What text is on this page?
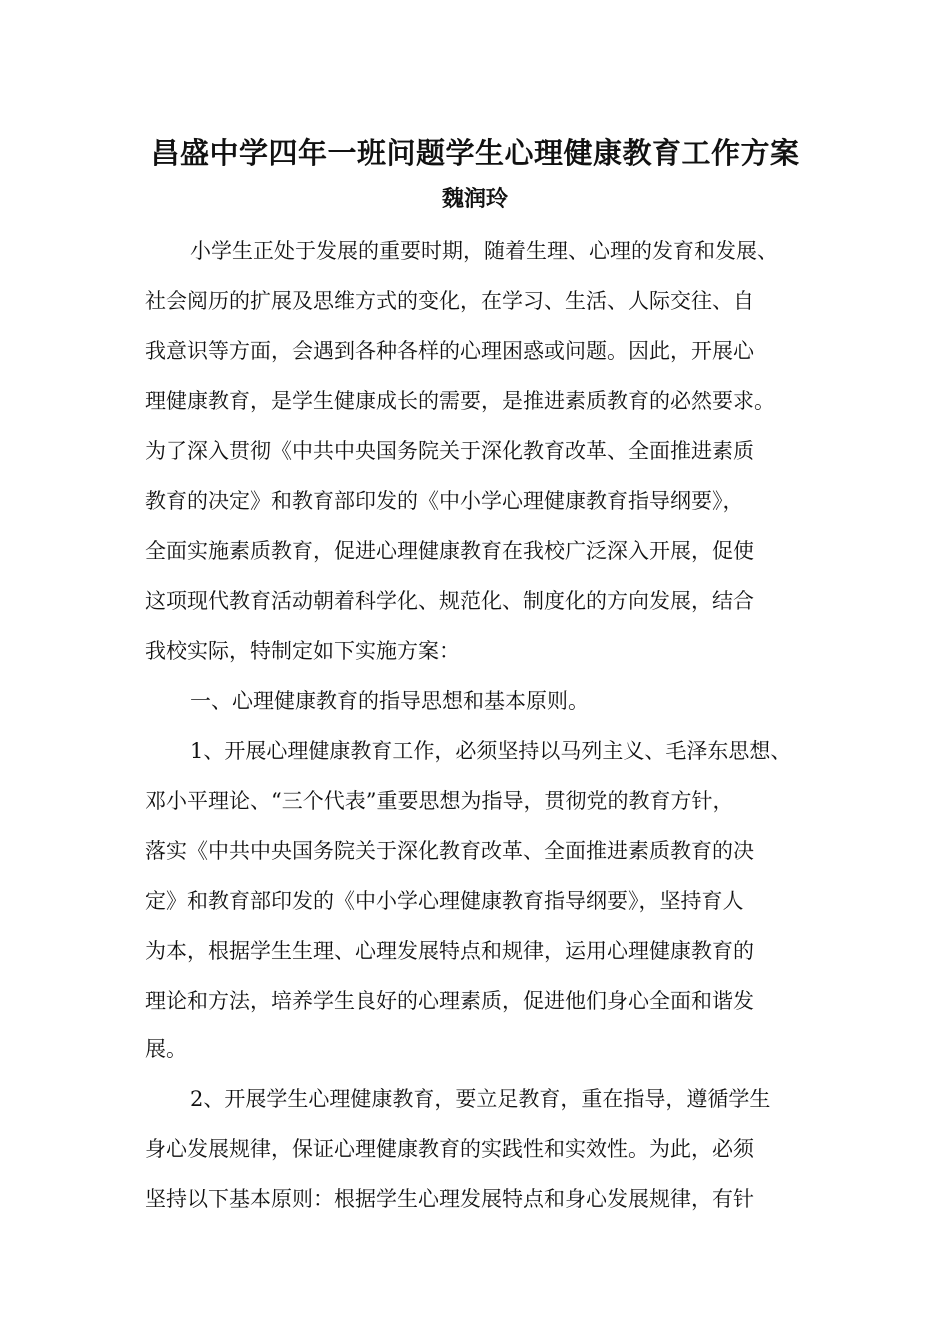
昌盛中学四年一班问题学生心理健康教育工作方案
魏润玲
小学生正处于发展的重要时期，随着生理、心理的发育和发展、
社会阅历的扩展及思维方式的变化，在学习、生活、人际交往、自
我意识等方面，会遇到各种各样的心理困惑或问题。因此，开展心
理健康教育，是学生健康成长的需要，是推进素质教育的必然要求。
为了深入贯彻《中共中央国务院关于深化教育改革、全面推进素质
教育的决定》和教育部印发的《中小学心理健康教育指导纲要》，
全面实施素质教育，促进心理健康教育在我校广泛深入开展，促使
这项现代教育活动朝着科学化、规范化、制度化的方向发展，结合
我校实际，特制定如下实施方案：
一、心理健康教育的指导思想和基本原则。
1、开展心理健康教育工作，必须坚持以马列主义、毛泽东思想、
邓小平理论、“三个代表”重要思想为指导，贯彻党的教育方针，
落实《中共中央国务院关于深化教育改革、全面推进素质教育的决
定》和教育部印发的《中小学心理健康教育指导纲要》，坚持育人
为本，根据学生生理、心理发展特点和规律，运用心理健康教育的
理论和方法，培养学生良好的心理素质，促进他们身心全面和谐发
展。
2、开展学生心理健康教育，要立足教育，重在指导，遵循学生
身心发展规律，保证心理健康教育的实践性和实效性。为此，必须
坚持以下基本原则：根据学生心理发展特点和身心发展规律，有针
